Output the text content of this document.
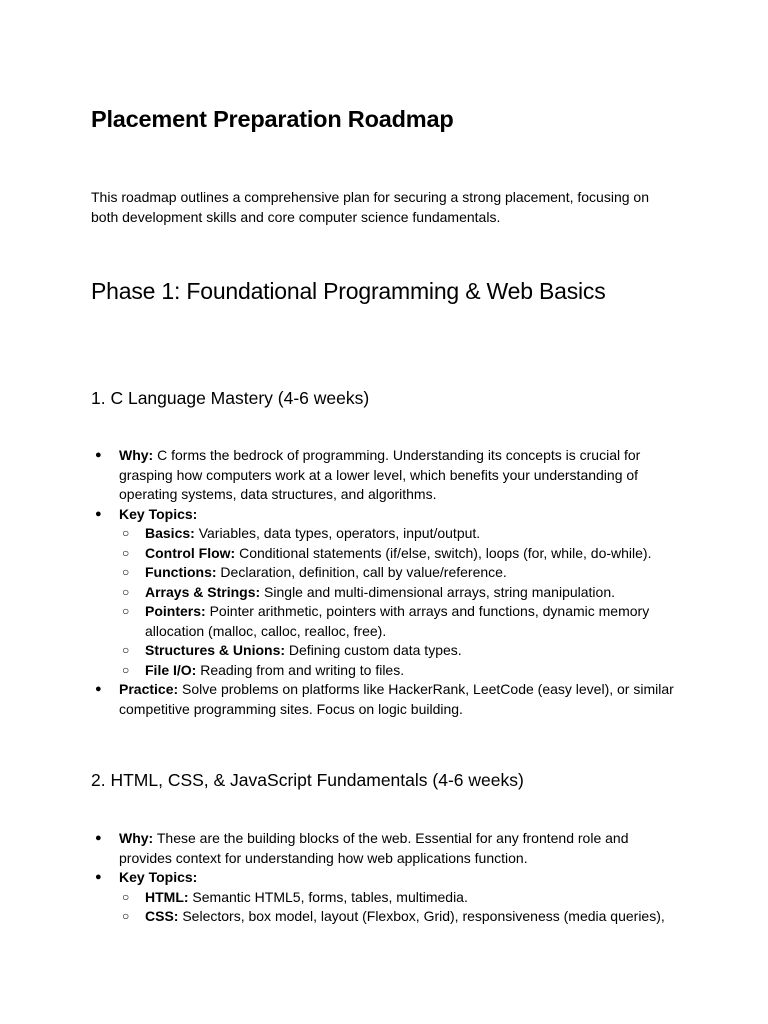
Placement Preparation Roadmap
This roadmap outlines a comprehensive plan for securing a strong placement, focusing on
both development skills and core computer science fundamentals.
Phase 1: Foundational Programming & Web Basics
1. C Language Mastery (4-6 weeks)
● Why: C forms the bedrock of programming. Understanding its concepts is crucial for
grasping how computers work at a lower level, which benefits your understanding of
operating systems, data structures, and algorithms.
● Key Topics:
○ Basics: Variables, data types, operators, input/output.
○ Control Flow: Conditional statements (if/else, switch), loops (for, while, do-while).
○ Functions: Declaration, definition, call by value/reference.
○ Arrays & Strings: Single and multi-dimensional arrays, string manipulation.
○ Pointers: Pointer arithmetic, pointers with arrays and functions, dynamic memory
allocation (malloc, calloc, realloc, free).
○ Structures & Unions: Defining custom data types.
○ File I/O: Reading from and writing to files.
● Practice: Solve problems on platforms like HackerRank, LeetCode (easy level), or similar
competitive programming sites. Focus on logic building.
2. HTML, CSS, & JavaScript Fundamentals (4-6 weeks)
● Why: These are the building blocks of the web. Essential for any frontend role and
provides context for understanding how web applications function.
● Key Topics:
○ HTML: Semantic HTML5, forms, tables, multimedia.
○ CSS: Selectors, box model, layout (Flexbox, Grid), responsiveness (media queries),
